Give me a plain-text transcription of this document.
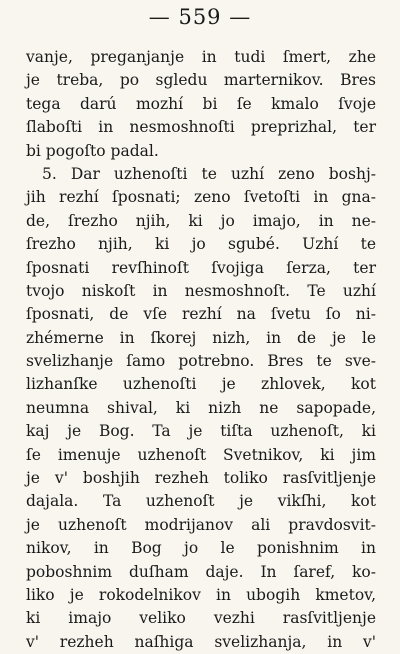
— 559 —
vanje, preganjanje in tudi ſmert, zhe
je treba, po sgledu marternikov. Bres
tega darú mozhí bi ſe kmalo ſvoje
ſlaboſti in nesmoshnoſti preprizhal, ter
bi pogoſto padal.
5. Dar uzhenoſti te uzhí zeno boshj-
jih rezhí ſposnati; zeno ſvetoſti in gna-
de, ſrezho njih, ki jo imajo, in ne-
ſrezho njih, ki jo sgubé. Uzhí te
ſposnati revſhinoſt ſvojiga ſerza, ter
tvojo niskoſt in nesmoshnoſt. Te uzhí
ſposnati, de vſe rezhí na ſvetu ſo ni-
zhémerne in ſkorej nizh, in de je le
svelizhanje ſamo potrebno. Bres te sve-
lizhanſke uzhenoſti je zhlovek, kot
neumna shival, ki nizh ne sapopade,
kaj je Bog. Ta je tiſta uzhenoſt, ki
ſe imenuje uzhenoſt Svetnikov, ki jim
je v' boshjih rezheh toliko rasſvitljenje
dajala. Ta uzhenoſt je vikſhi, kot
je uzhenoſt modrijanov ali pravdosvit-
nikov, in Bog jo le ponishnim in
poboshnim duſham daje. In ſaref, ko-
liko je rokodelnikov in ubogih kmetov,
ki imajo veliko vezhi rasſvitljenje
v' rezheh naſhiga svelizhanja, in v'
